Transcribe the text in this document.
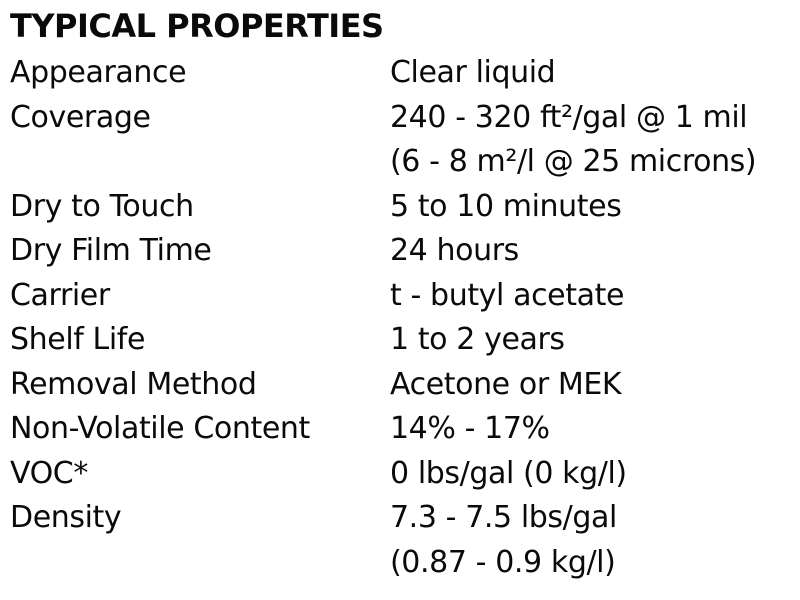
TYPICAL PROPERTIES
Appearance	Clear liquid
Coverage	240 - 320 ft²/gal @ 1 mil
(6 - 8 m²/l @ 25 microns)
Dry to Touch	5 to 10 minutes
Dry Film Time	24 hours
Carrier	t - butyl acetate
Shelf Life	1 to 2 years
Removal Method	Acetone or MEK
Non-Volatile Content	14% - 17%
VOC*	0 lbs/gal (0 kg/l)
Density	7.3 - 7.5 lbs/gal
(0.87 - 0.9 kg/l)
